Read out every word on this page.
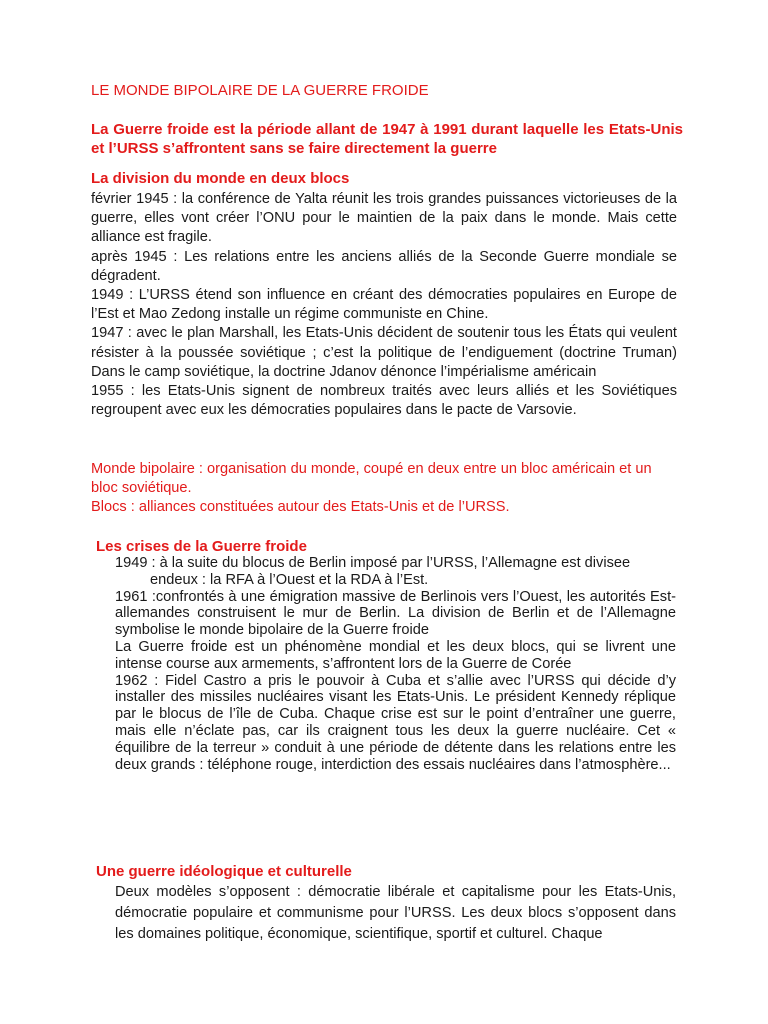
LE MONDE BIPOLAIRE DE LA GUERRE FROIDE
La Guerre froide est la période allant de 1947 à 1991 durant laquelle les Etats-Unis et l’URSS s’affrontent sans se faire directement la guerre
La division du monde en deux blocs

février 1945 : la conférence de Yalta réunit les trois grandes puissances victorieuses de la guerre, elles vont créer l’ONU pour le maintien de la paix dans le monde. Mais cette alliance est fragile.

après 1945 : Les relations entre les anciens alliés de la Seconde Guerre mondiale se dégradent.

1949 : L’URSS étend son influence en créant des démocraties populaires en Europe de l’Est et Mao Zedong installe un régime communiste en Chine.

1947 : avec le plan Marshall, les Etats-Unis décident de soutenir tous les États qui veulent résister à la poussée soviétique ; c’est la politique de l’endiguement (doctrine Truman) Dans le camp soviétique, la doctrine Jdanov dénonce l’impérialisme américain

1955 : les Etats-Unis signent de nombreux traités avec leurs alliés et les Soviétiques regroupent avec eux les démocraties populaires dans le pacte de Varsovie.

Monde bipolaire : organisation du monde, coupé en deux entre un bloc américain et un bloc soviétique.

Blocs : alliances constituées autour des Etats-Unis et de l’URSS.

Les crises de la Guerre froide

1949 : à la suite du blocus de Berlin imposé par l’URSS, l’Allemagne est divisee

endeux : la RFA à l’Ouest et la RDA à l’Est.

1961 :confrontés à une émigration massive de Berlinois vers l’Ouest, les autorités Est-allemandes construisent le mur de Berlin. La division de Berlin et de l’Allemagne symbolise le monde bipolaire de la Guerre froide

La Guerre froide est un phénomène mondial et les deux blocs, qui se livrent une intense course aux armements, s’affrontent lors de la Guerre de Corée

1962 : Fidel Castro a pris le pouvoir à Cuba et s’allie avec l’URSS qui décide d’y installer des missiles nucléaires visant les Etats-Unis. Le président Kennedy réplique par le blocus de l’île de Cuba. Chaque crise est sur le point d’entraîner une guerre, mais elle n’éclate pas, car ils craignent tous les deux la guerre nucléaire. Cet « équilibre de la terreur » conduit à une période de détente dans les relations entre les deux grands : téléphone rouge, interdiction des essais nucléaires dans l’atmosphère...

Une guerre idéologique et culturelle

Deux modèles s’opposent : démocratie libérale et capitalisme pour les Etats-Unis, démocratie populaire et communisme pour l’URSS. Les deux blocs s’opposent dans les domaines politique, économique, scientifique, sportif et culturel. Chaque
